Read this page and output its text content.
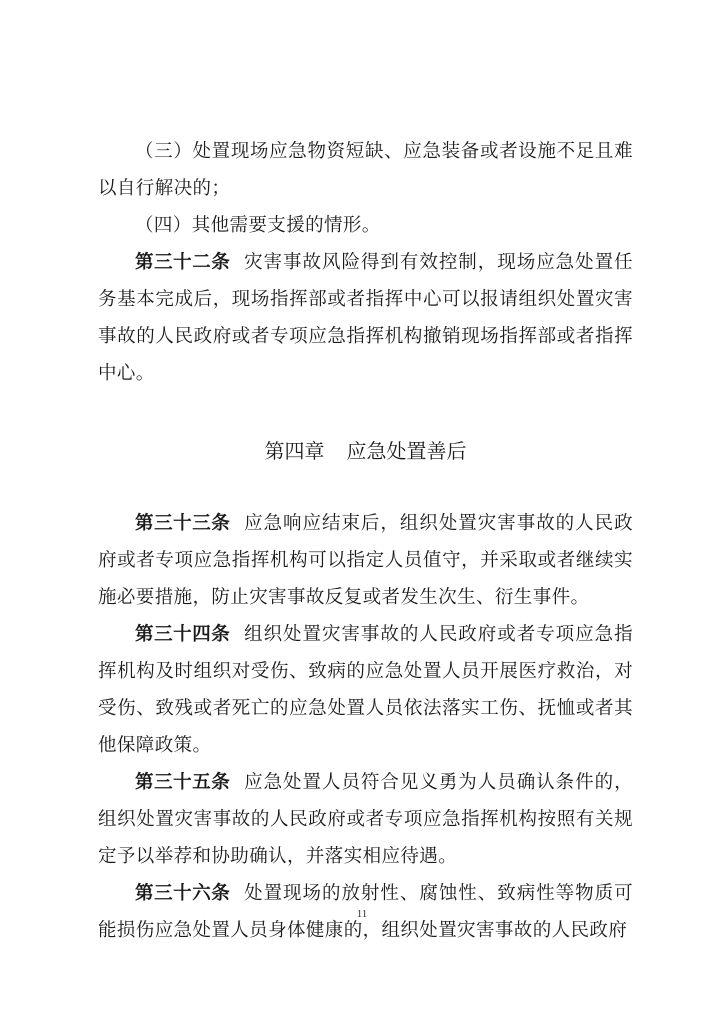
（三）处置现场应急物资短缺、应急装备或者设施不足且难以自行解决的；

（四）其他需要支援的情形。

第三十二条 灾害事故风险得到有效控制，现场应急处置任务基本完成后，现场指挥部或者指挥中心可以报请组织处置灾害事故的人民政府或者专项应急指挥机构撤销现场指挥部或者指挥中心。

第四章 应急处置善后

第三十三条 应急响应结束后，组织处置灾害事故的人民政府或者专项应急指挥机构可以指定人员值守，并采取或者继续实施必要措施，防止灾害事故反复或者发生次生、衍生事件。

第三十四条 组织处置灾害事故的人民政府或者专项应急指挥机构及时组织对受伤、致病的应急处置人员开展医疗救治，对受伤、致残或者死亡的应急处置人员依法落实工伤、抚恤或者其他保障政策。

第三十五条 应急处置人员符合见义勇为人员确认条件的，组织处置灾害事故的人民政府或者专项应急指挥机构按照有关规定予以举荐和协助确认，并落实相应待遇。

第三十六条 处置现场的放射性、腐蚀性、致病性等物质可能损伤应急处置人员身体健康的，组织处置灾害事故的人民政府

11
